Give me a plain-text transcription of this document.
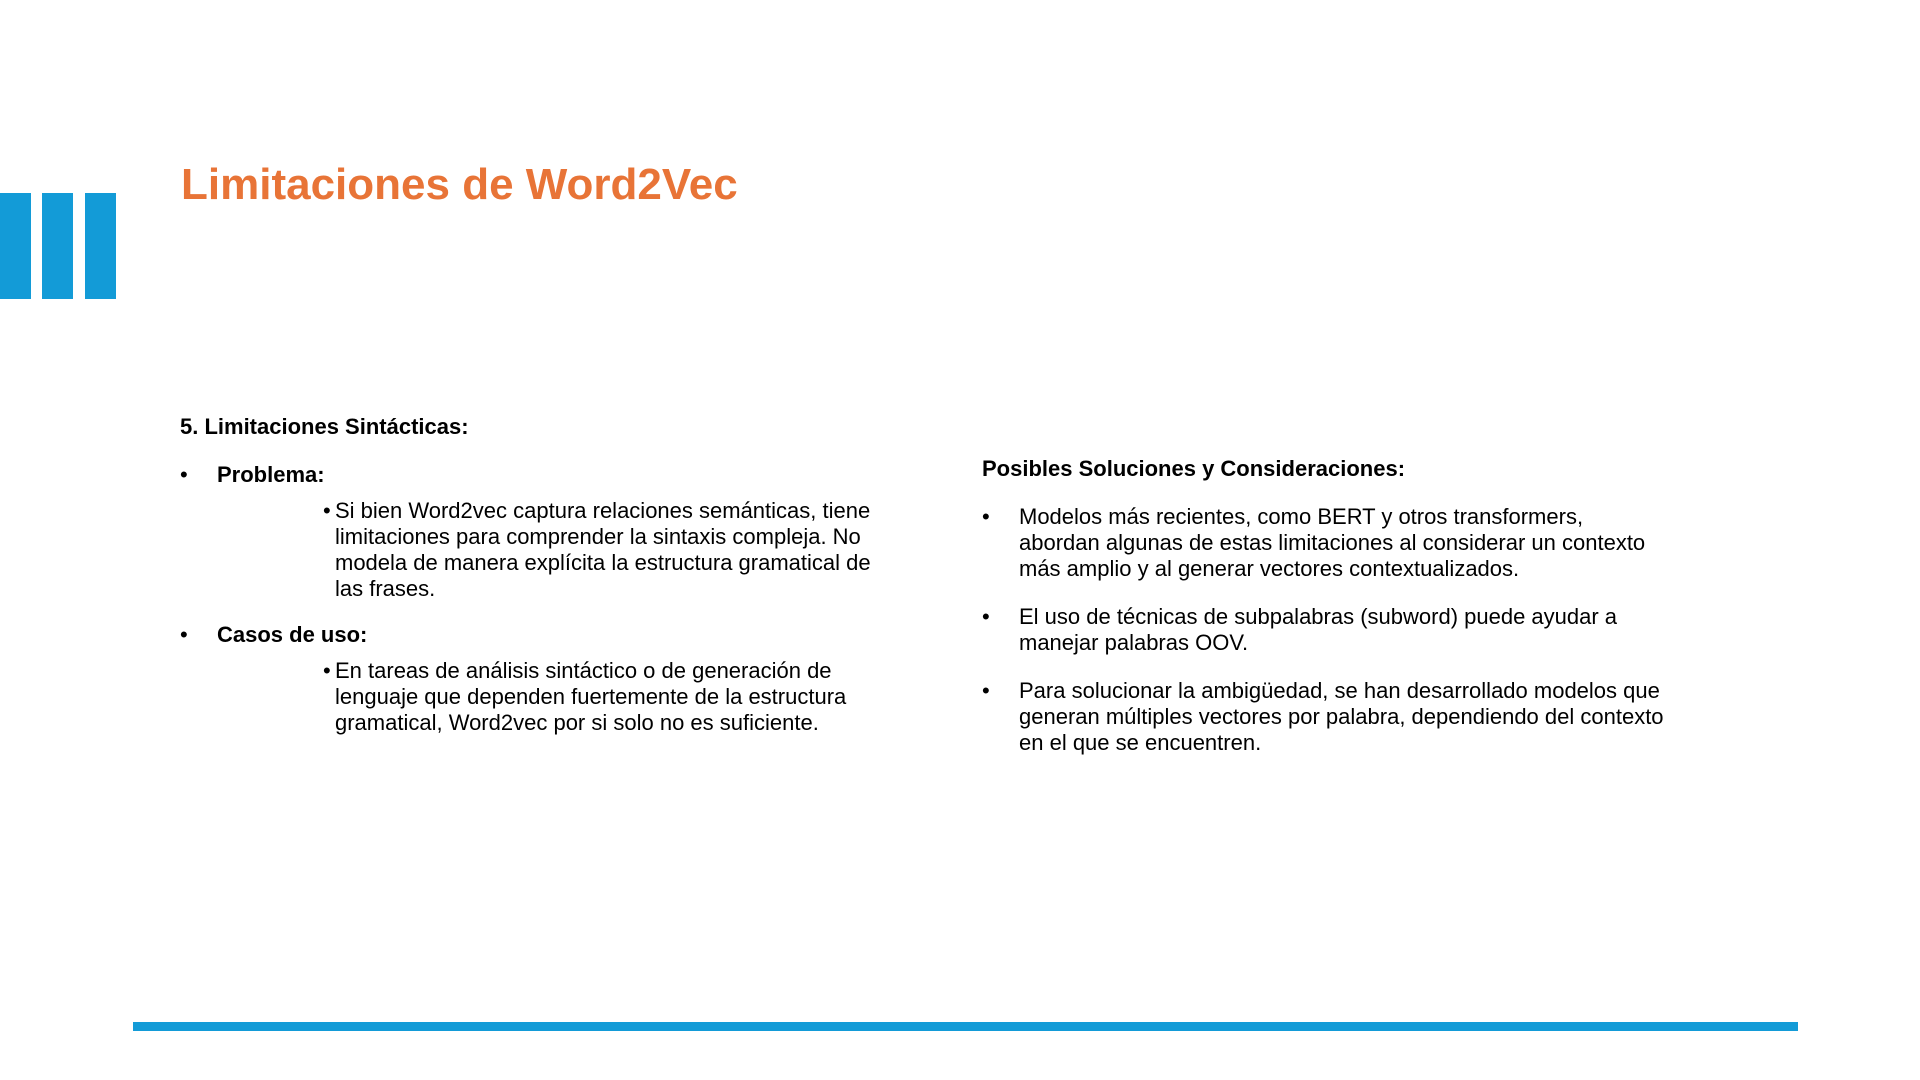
Limitaciones de Word2Vec

5. Limitaciones Sintácticas:

• Problema:

• Si bien Word2vec captura relaciones semánticas, tiene limitaciones para comprender la sintaxis compleja. No modela de manera explícita la estructura gramatical de las frases.

• Casos de uso:

• En tareas de análisis sintáctico o de generación de lenguaje que dependen fuertemente de la estructura gramatical, Word2vec por si solo no es suficiente.

Posibles Soluciones y Consideraciones:

• Modelos más recientes, como BERT y otros transformers, abordan algunas de estas limitaciones al considerar un contexto más amplio y al generar vectores contextualizados.
• El uso de técnicas de subpalabras (subword) puede ayudar a manejar palabras OOV.
• Para solucionar la ambigüedad, se han desarrollado modelos que generan múltiples vectores por palabra, dependiendo del contexto en el que se encuentren.
